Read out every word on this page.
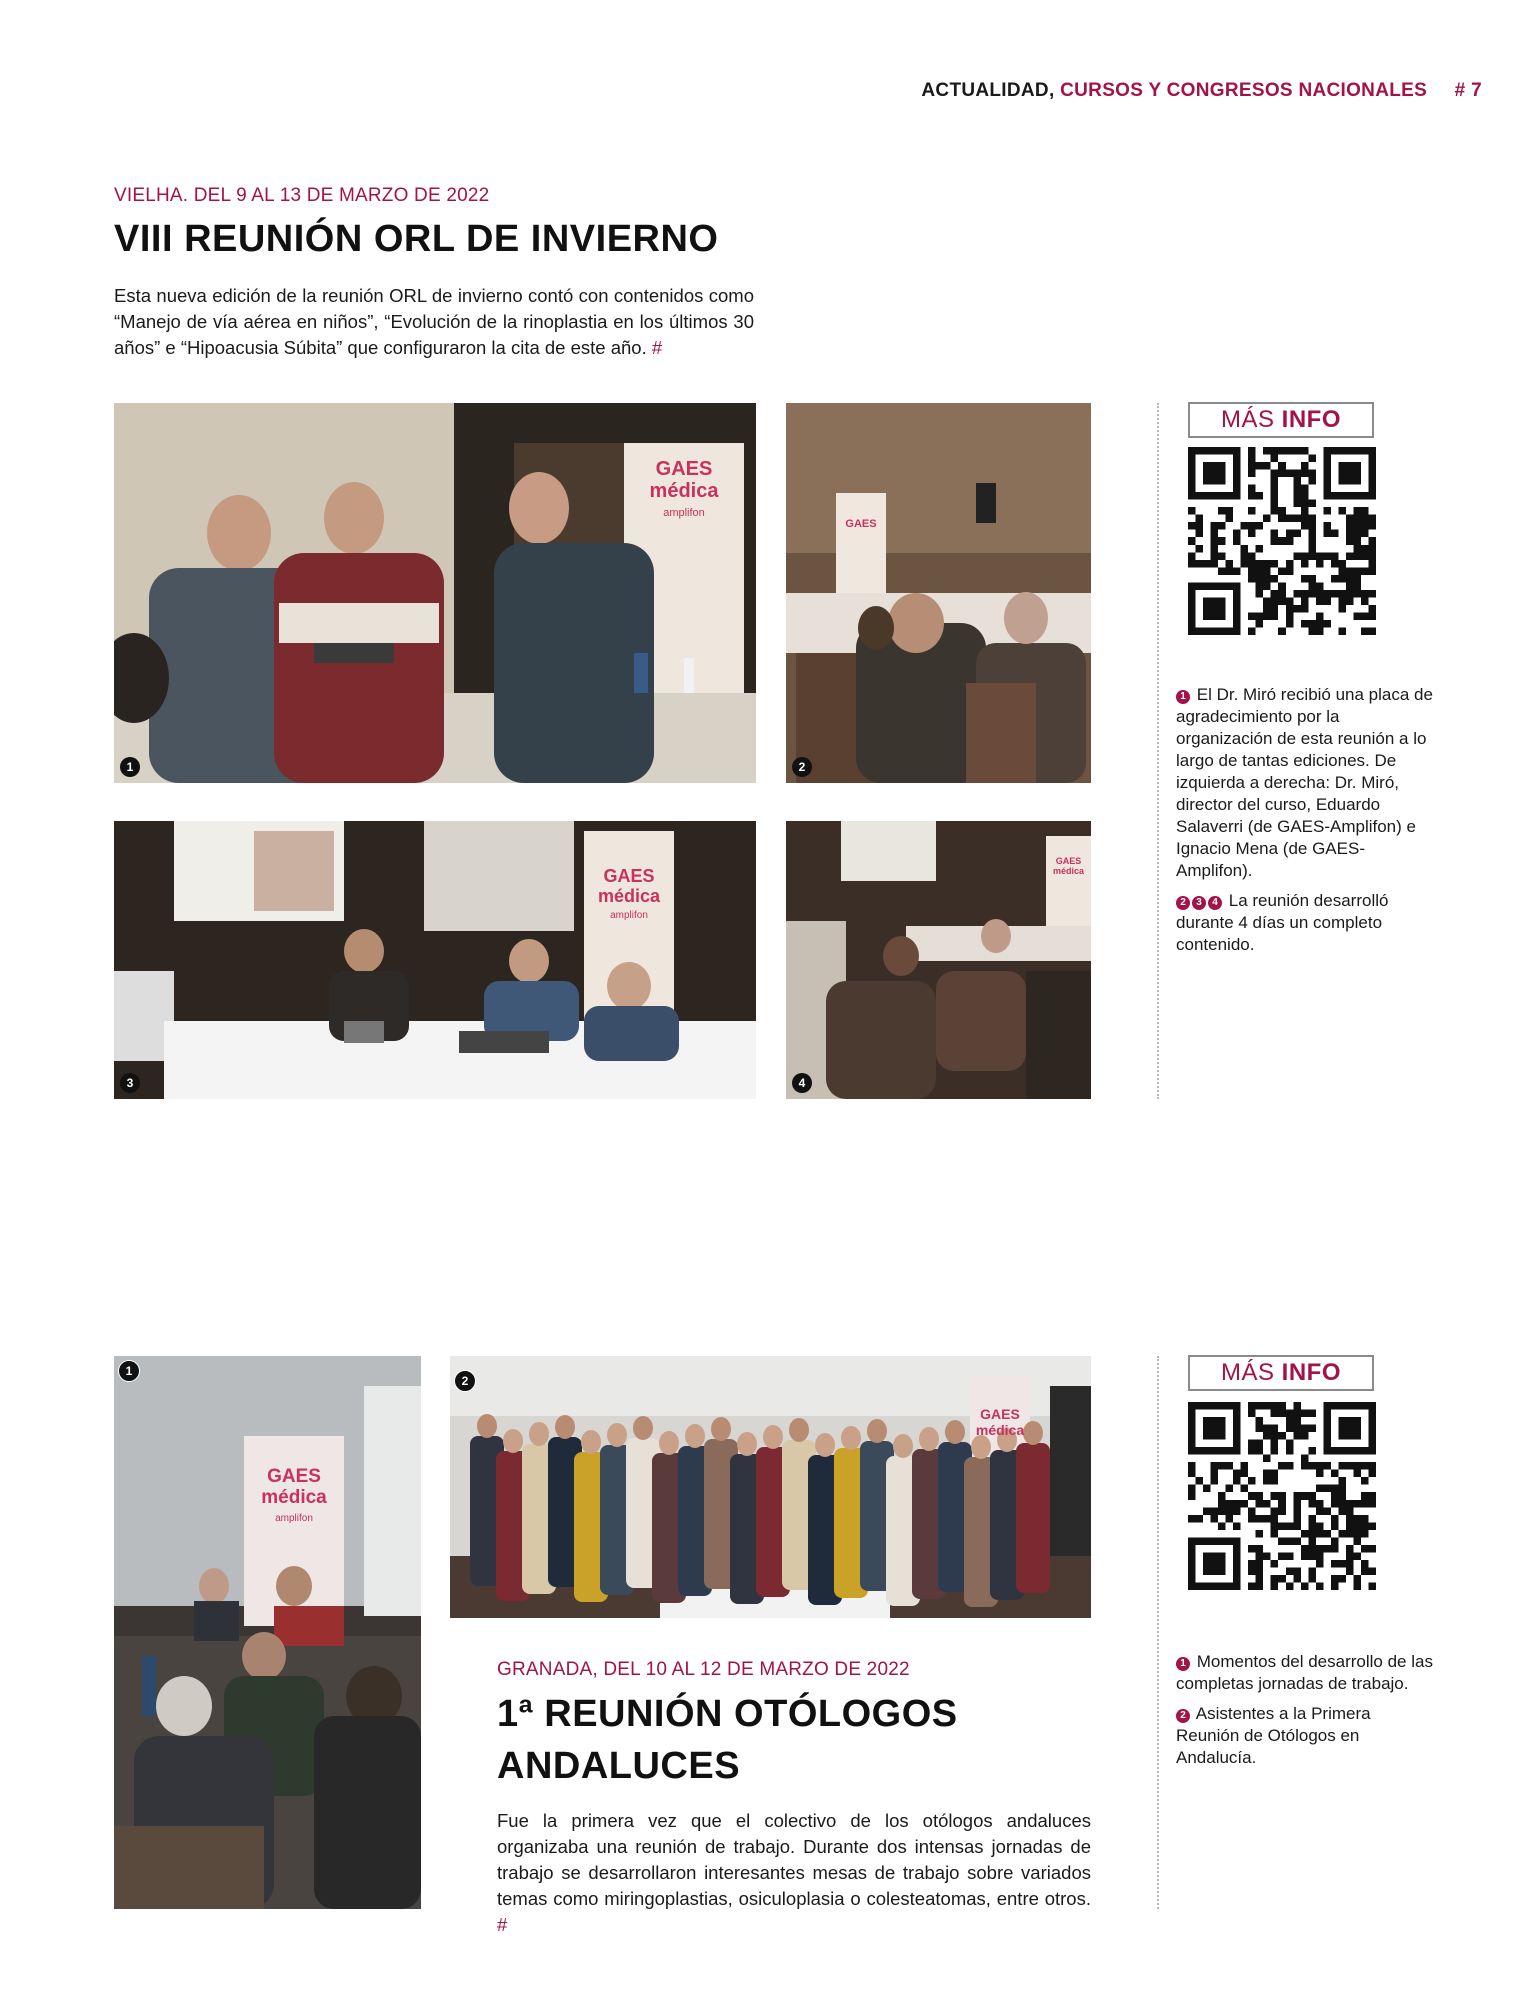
ACTUALIDAD, CURSOS Y CONGRESOS NACIONALES # 7
VIELHA. DEL 9 AL 13 DE MARZO DE 2022
VIII REUNIÓN ORL DE INVIERNO
Esta nueva edición de la reunión ORL de invierno contó con contenidos como “Manejo de vía aérea en niños”, “Evolución de la rinoplastia en los últimos 30 años” e “Hipoacusia Súbita” que configuraron la cita de este año. #
GAES médica
amplifon
1
GAES
2
GAES médica
amplifon
3
GAES médica
4
MÁS INFO

1 El Dr. Miró recibió una placa de agradecimiento por la organización de esta reunión a lo largo de tantas ediciones. De izquierda a derecha: Dr. Miró, director del curso, Eduardo Salaverri (de GAES-Amplifon) e Ignacio Mena (de GAES-Amplifon).

2 3 4 La reunión desarrolló durante 4 días un completo contenido.

GAES médica
amplifon
1
GAES médica
2
GRANADA, DEL 10 AL 12 DE MARZO DE 2022
1ª REUNIÓN OTÓLOGOS
ANDALUCES
Fue la primera vez que el colectivo de los otólogos andaluces organizaba una reunión de trabajo. Durante dos intensas jornadas de trabajo se desarrollaron interesantes mesas de trabajo sobre variados temas como miringoplastias, osiculoplasia o colesteatomas, entre otros. #
MÁS INFO

1 Momentos del desarrollo de las completas jornadas de trabajo.

2 Asistentes a la Primera Reunión de Otólogos en Andalucía.
